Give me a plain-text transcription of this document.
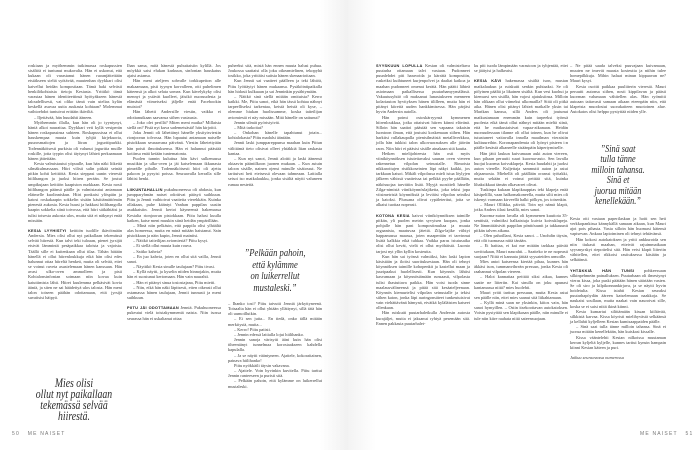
roskiaan ja myöhemmin tutkimassa roskapussien sisältöä ei tuntunut mukavalta. Hän ei uskonut, että kukaan oli varastanut hänen ruoanjätteitään etsiäkseen sieltä syötävää, muutenhan dyykkari olisi kaivellut heidän kompostiaan. Tämä haki selvästi henkilökohtaisia tietoja Kesiasta. Yrittikö tämä varastaa hänen identiteettinsä hyötyäkseen hänestä taloudellisesti, vai oliko tämä vain utelias kylän keskellä asuvaa uutta asukasta kohtaan? Molemmat vaihtoehdot tuntuivat erittäin ikäviltä.

– Iljettävää, hän huudahti ääneen.

Myöhemmin illalla, kun hän oli jo tyyntynyt, häntä alkoi naurattaa. Dyykkari veti kyllä vesiperän hänen roskapussinsa suhteen. Roskapussissa ei ollut hauskempaa muuta kuin tyhjiä kirjekuoria, puurosmaitojen ja litran jogurttipurkki. Todennäköisesti purkista oli valunut jogurttia muille roskille, jotta tyypin olisi täytynyt lähteä perkaamaan hänen jätteitään.

Kesia valmistautui yöpuulle, kun hän näki liikettä silmäkulmassaan. Hiiri vilisti salin pitkää seinää pitkin kohti keittiötä. Kesia sieppasi uunin vierestä hiilihangon ja juoksi hiiren perään. Se joutui umpikujaan keittiön kaapiston nurkkaan. Kesia nosti hiilihangon päänsä päälle ja valmistautui antamaan eläimelle kuolinniskun. Hiiri ponkaisi ylöspäin ja katosi roskakaapin sokkelin sisään käsittämättömän pienestä aukosta. Kesia huusi ja hakkasi hiilihangolla kaapin sokkelia siinä toivossa, että hiiri säikähtäisi ja tulisi toisesta aukosta ulos, mutta sitä ei näkynyt enää missään.

KESIA LYYHISTYI keittiön tuolille ikävöimään Andersia. Mies olisi ollut nyt paikallaan tekemässä selvää hiirestä. Kun talvi teki tuloaan, pienet jyrsijät etsivät lämmintä pesäpaikkaa taloista ja vajoista. Täällä sille ei kuitenkaan ollut tilaa. Tähän hätään hänellä ei ollut hiirenloukkuja eikä hän olisi edes halunnut ottaa hiireltä henkeä, mutta oli selvää, ettei se voinut ruveta asustelemaan hänen kanssaan. Hän avasi ulko-oven ammolleen ja pisti Kohtalonsinfonian soimaan niin kovaa kuin kaiuttimista lähti. Hiiret kuulemma pelkäsivät kovia ääniä, ja siten ne sai häädettyä ulos talosta. Hän meni talon toiseen päähän odottamaan, että jyrsijä suvaitsisi häipyä.

Mies olisi
ollut nyt paikallaan
tekemässä selvää
hiirestä.

Ihan sama, mitä hänestä puhuttaisiin kylillä. Jos möykkä saisi elukan karkuun, sinfonian hauskatus ajaisi asiansa.

Hän meni ateljeen sohvalle torkkupeiton alle makaamaan, pisti tyynyn korvalleen, otti puhelimen käteensä ja alkoi selata somea. Kun kävelykyky olisi mennyt ja ystävät kuolleet, jäisikö nuoruudesta ja elämästä viimeiseksi jäljelle enää Facebookin muistot?

Hän lähetti Andersille viestin, vaikka ei odottanutkaan saavansa siihen vastausta.

– Joko olet perillä? Miten meni matka? Millaista siellä on? Pistä nyt kuva sademetsästä! hän kirjoitti.

Joku Jennii oli lähettänyt hänelle yksityisviestin rionjoorun tolvossa. Hän lupautui antamaan naiselle pistokkaan seuraavana päivänä. Viestin lähetettyään hän poisti ilmoituksensa. Hän ei halunnut päästää kotiinsa enää ketään tuntematonta.

Puolen tunnin kuluttua hän kävi sulkemassa musiikin ja ulko-oven ja jäi katselemaan ikkunasta pimeälle pihalle. Todennäköisesti hiiri oli ajettu pakoon ja pysyisi poissa. Seuraavalla kerralla sille lähtisi henki.

LIIKUNTAHALLIN pukuhuoneessa oli ahdasta, kun jumpparyhmän naiset odottivat pääsyä suihkuun. Piitu ja Jennii vaihtoivat vaatteita vierekkäin. Kuinka ollakaan, puhe kääntyi Vanhan pappilan uusiin asukkaisiin. Jennii kertoi käyneensä hakemassa Kesialta rionjoorun pistokkaan. Piitu halusi kuulla kaiken, katse meni muukin siinä heidän ympärillään.

– Minä niin pelkäsin, että pappila olisi ylhäältä alas homeessa, mutta en minä mitään haistanut. Sain pistokkaan ja näin kupin, Jennii mainitsi.

– Näitkö taiteilijan aviomiestä? Piitu kysyi.

– Ei siellä ollut muuta kuin rouva.

– Saitko kahvia?

– En juo kahvia, joten en ollut sitä vailla, Jennii sanoi.

– Näyttikö Kesia sinulle taulujaan? Piitu tivasi.

– Kyllä näytti, ja kyselin niiden hinnojakin, mutta hän ei suostunut kertomaan. Hän vain naurahti.

– Hän ei pitänyt sinua tosiostajana, Piitu mietti.

– Niin, eikä hän näki läpitsesti, etten oikeasti ollut ostamassa hänen taulujaan, Jennii tunnusti ja meni suihkuun.

PIITU JÄI ODOTTAMAAN Jenniä. Pukuhuoneessa pukeutui vielä toistakymmentä naista. Niin isossa seurassa hän ei uskaltanut ottaa

puheeksi sitä, mistä hän ennen muuta halusi puhua. Joukossa saattaisi olla joku oikeamielinen, tekopyhä tosikko, joka yrittäisi suitsia hänen skenaarioitaan.

Kun Jennii sai vaatteet päälleen ja teki lähtöä, Piitu lyöttäytyi hänen mukaansa. Pysäköintipaikalla hän hidasti kulkuaan ja sai Jenninkin pysähtymään.

– Näitkö sinä siellä mitään omituista? Kerro kaikki. Me, Piitu sanoi, eikä hän tässä kohtaa nähnyt tarpeelliseksi tarkentaa, keistä heistä oli kyse, – olemme hiukan huolissamme, koska taiteilijan aviomiestä ei näy missään. Mitä hänelle on sattunut?

Jennin silmät pyöristyivät.

– Mitä tarkoitat?

– Onkohan hänelle tapahtunut jotain... kohtalokasta? Piitu madalsi ääntään.

Jennii laski jumppareppunsa maahan kuin Piitun välittämä tieto olisivat olleet yhtäkkiä liian raskasta kantaa.

– Kun nyt sanot, Jennii aloitti ja laski äänensä oktaavin pääntilkoon juonen mukaan. – Kun astuin taloon sisälle, nainen ojensi minulle sisätossut. Ne tarttuivat heti eteisessä olevaan tahmeaan. Lattialla seisoi iso matkalaukku, jonka sisältä näytti valuneen rumaa nestettä.

”Pelkään pahoin,
että kylämme
on luikerrellut
mustaleski.”

– Ihanko tosi? Piitu taivutti Jenniä järkyttyneenä. Toisaalta hän ei ollut yhtään yllättynyt, sillä tätä hän oli uumoillutkin.

– Ei sen jutta... En tiedä, onko tällä mitään merkitystä, mutta...

– Kerro! Piitu patisti.

– Jennin edessä lattialla lojui hiilihanko.

Jennin sanoja värisytti ääni kuin hän olisi tiheentänyt tunnelmaa korostaakseen kahdella kapulalla.

– Ja se näytti vääntyneen. Ajattele, kokoraitainen, painava hiilihanko!

Piitu nyökkäili täysin vakavana.

– Ajattele. Voin hyvinkin kuvitella. Piitu tarttui Jennin ranteeseen ja puristi sitä.

– Pelkään pahoin, että kylämme on luikerrellut mustaleski.

50 ME NAISET

SYYSKUUN LOPULLA Kesian oli valmisteltava puutarha ottamaan talvi vastaan. Pudonneet puunlehdet piti haravoida ja kärrätä kompostiin, ruskeiksi kuihtuneet kurjenpolvet ja daaliat katkoa ja maahan pudonneet omenat kerätä. Hän päätti lähteä asioimaan paikallisessa puutarhamyymälässä. Vakuutusyhtiö oli maksanut lunastukseen menneen kolariauton hyvityksen hänen tililleen, mutta hän ei pitänyt kiirettä uuden hankkimisessa. Hän pärjäsi hyvin Andersin autolla.

Hän poimi ostoskärryynsä kymmenen hiirenloukkua, jotka ottaisivat hiiren kiinni elävänä. Silloin hän saattoi päästää sen vapaana takaisin luontoon ilman, että joutuisi koskemaan siihen. Hän harkitsi rullakaupalla pienisilmäistä metalliverkkoa, jolla hän tukkisi talon ulkovuorauksen alle jäävän raon. Niin hiiri ei pääsisi sisälle ainakaan sitä kautta.

Hetken mielijohteesta hän osti myös viiniköynnöksen istutettavaksi saunan oven viereen rakennetun vilpolan seinustalle. Rimoista nikkaroitujen ristikkoseinien läpi näkyi kaikki, jos tarkkaan katsoi. Mikäli vilpolassa mieli istua löylyjen jälkeen vähissä vaatteissa tai pelkkä pyyhe päällään, näkösuojaa tarvittiin lisää. Myyjä suositteli hänelle Zilga-nimistä viiniköynnöslajiketta, joka tekisi jopa viisimetrisiä köynnöksiä ja leviäisi vilpolan seiniksi ja katoksi. Plussana olivat rypäleterttut, joita se alkaisi tuottaa nopeasti.

KOTONA KESIA kaivoi viiniköynnöksen taimille pitkän, yli puolen metrin syvyisen kuopan, jonka pohjalle hän pani kompostimultaa ja muuta orgaanista, maatuvaa jätettä. Zilga-lajike viihtyi happamassa maassa, joten maaperään ei tarvinnut lisätä kalkkia eikä tuhkaa. Vaikka paras istutusaika olisi ollut kevät, vielä ei ollut myöhäistä. Luonto tarjosi nyt yllin kyllin kosteutta.

Kun hän sai työnsä valmiiksi, hän laski lapion käsistään ja iloitsi suorituksestaan. Hän oli tehnyt köynnöksen taimille kohopenkit ja kastellut maan ja juuripaakut huolellisesti. Kun köynnös lähtisi kasvamaan ja köynnöstämään runsaasti, vilpolasta tulisi ihastuttava paikka. Hän voisi tuoda sinne maalausvälineensä ja pitää sitä kesäateljeenaan. Köynnös kiemurtelisi vilpolan seinustalle ja tekisi siihen katon, jonka läpi auringonsäteet tunkeutuisivat vain viehättävänä hämynä, eivätkä kyläläisten katseet ollenkaan.

Hän ruiskutti puutarhaletkulla Andersin autosta kurajäljet, mutta ei jaksanut ryhtyä pesemään sitä. Ennen pakkasia puutarhalet-

ku piti tuoda lämpimään varastoon ja tyhjentää, ettei se jäätyisi ja halkeaisi.

KESIA KÄVI hakemassa sisältä ison, mustan matkalaukun ja ruiskutti senkin puhtaaksi. Se oli pölyinen päältä ja likainen sisältä. Kun vesi kuohui ja kiemursi sen sisällä, hän vajosi ajatuksiinsa. Milloin hän olikaan ollut viimeksi ulkomailla? Siitä oli pitkä aika. Hänen olisi pitänyt lähteä matkalle yksin tai Marikan kanssa, sillä Anders oli joutunut matkustamaan enemmän kuin tarpeeksi työnsä puolesta eikä tämä ollut nähnyt mitään mieltä siinä, että he matkustaisivat vapaa-aikanaan. Heidän nuoruudessaan tilanne oli ollut toinen, kun he olivat tutustuneet vaitavalla innolla maailman vieraisiin kulttuureihin. Koronapandemia oli lyönyt pisteen i:n päälle kesästä alkaneelle sisäänpäin käpertymiselle.

Hän jätti laukun kuivumaan auki auton viereen, kun pihaan peruutti suuri kuorma-auto. Sen lavalla huojui kuorma koivuklapeja. Kesia huudahti ja juoksi auton vierelle. Kuljettaja sammutti auton ja astui ohjaamosta. Miehellä oli päällään oranssi työtakki, mutta sekään ei voinut peittää sitä, kuinka lihaksikkaat tämän olkavarret olivat.

Tuskinpa kukaan klapikauppias teki klapeja enää käsipelillä, vaan halkomakoneella, mutta silti mies oli iskenyt varmaan kirveellä halki pölkyn, jos toisenkin.

– Mauri Ollikka, päivää. Toin nyt nämä klapit, jotka Anders tilasi kesällä, mies sanoi.

Kuorma-auton lavalla oli kymmenen kuutiota 35-senttisiä, valmiiksi halkaistuja kuivia koivuklapeja. Ne lämmittäisivät pappilan pönttöuunit ja takkauunit pitkän talven aikana.

– Olen pahoillani, Kesia sanoi. – Unohdin täysin, että olit tuomassa niitä tänään.

– Ei haittaa, ei kai me mitään tarkkaa päivää sovittukaan, Mauri naurahti. – Saatteko te ne nopeasti suojaan? Niitä ei kannata jättää syysateiden armoille.

Mies antoi katseensa kiertää pihaa, kunnes hän äkkäsi ison, tummanvihreän pressun, jonka Kesia oli raahannut vilpolan viereen.

– Halot kannattaa peittää siksi aikaa, kunnes saatte ne liiteriin. Kai sinulla on joku apunasi kantamassa niitä? mies huolehti.

Mauri yritti tarttua pressuun, mutta Kesia astui sen päälle niin, ettei mies saanut sitä liikahtamaan.

– Kyllä minä saan ne yksinkin, kiitos vain, hän sanoi hymyillen. – Ostin itsekoottavan autokatoksen. Voisin pystyttää sen klapikasan päälle, niin minulle ei tule niin kiire raahata niitä sateensuojaan.

– Ne pitää saada talveksi puuvajaan kuivamaan, muuten ne imevät maasta kosteutta ja niihin tulee homepilkkuja. Mihin haluat minun kippaavan ne? Mauri kysyi.

Kesia osoitti paikkaa puuliiterin vierestä. Mauri peruutti autonsa siihen, nosti kippilavan ja päästi kuorman valumaan vähitellen alas. Hän ryömitti autoaan taitavasti samaan aikaan eteenpäin niin, että klapeista muodostui suorakaiteen muotoinen alue. Autokatos olisi helppo pystyttää niiden ylle.

”Sinä saat
tulla tänne
milloin tahansa.
Sinä et
juorua mitään
kenellekään.”

Kesia otti vastaan paperilaskun ja hoiti sen heti verkkopankissa kännykällä samaan aikaan, kun Mauri ajoi pois pihasta. Vasta silloin hän huomasi kätensä vapisevan. Ankara lapioiminen oli tehnyt tehtävänsä.

Hän kokosi autokatoksen ja yritti ankkuroida sen niin tiukasti maahan, etteivät rajuimmatkaan syysmyrskyt riepottelisi sitä. Hän veisi klapit liiteriin vähitellen, ettei rikkoisi rasituksessa käsiään ja selkäänsä.

YHTÄKKIÄ HÄN TUNSI pohkeessaan silkinpehmeän painalluksen. Puutarhaan oli ilmestynyt vieras kissa, joka puski päätään hänen sääriään vasten. Se oli siro ja kilpikonnankirjava, ja se näytti hyvin hoidetulta. Kissa istahti Kesian seuraksi puutarhapöydän ääreen katselemaan naakkoja. Se naukaisi soullaan, mutta naakat vain nauroivat sille, koska se ei saisi niitä ikinä kiinni.

Kesia kumartui silittämään kissan kiiltävää, silkkistä karvaa. Kissa köyristi mielihyvästä selkäänsä ja kellahti kyljelleen Kesian kumisaappaiden päälle.

– Sinä saat tulla tänne milloin tahansa. Sinä et juorua mitään kenellekään, hän kuiskasi kissalle.

Kissa vääntelehti Kesian nilkoissa muutaman kerran kyljeltä kyljelle, kunnes tarttui kynsin hampain kiinni Kesian käteen ja puri.

Jatkuu seuraavassa numerossa

ME NAISET 51
